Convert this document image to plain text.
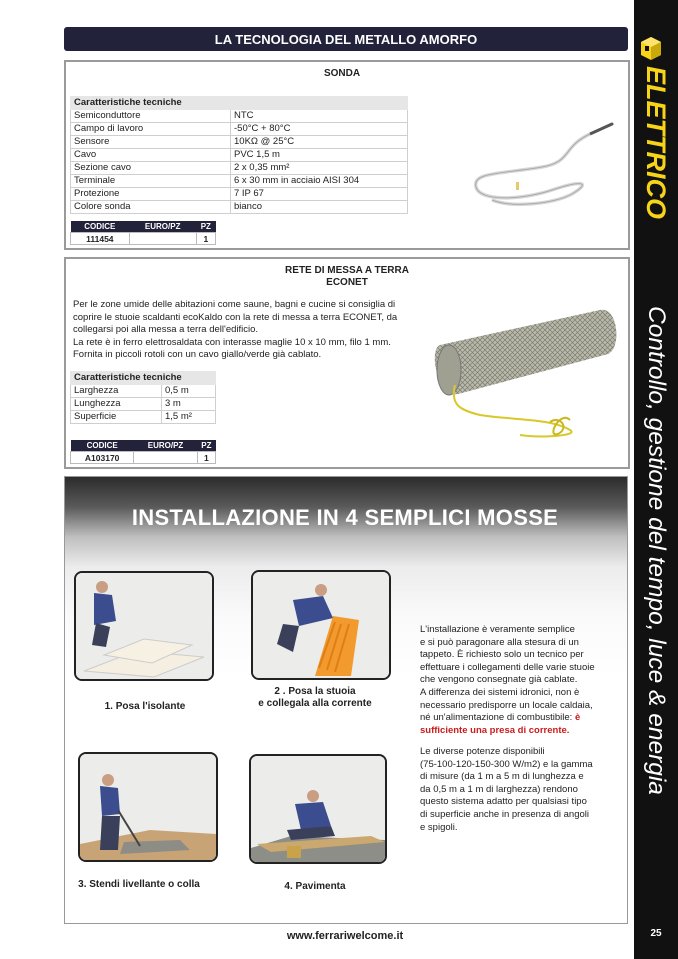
ELETTRICO
Controllo, gestione del tempo, luce & energia
25
LA TECNOLOGIA DEL METALLO AMORFO
SONDA
Caratteristiche tecniche	
Semiconduttore	NTC
Campo di lavoro	-50°C + 80°C
Sensore	10KΩ @ 25°C
Cavo	PVC 1,5 m
Sezione cavo	2 x 0,35 mm²
Terminale	6 x 30 mm in acciaio AISI 304
Protezione	7 IP 67
Colore sonda	bianco
CODICE	EURO/PZ	PZ
111454		1
RETE DI MESSA A TERRA
ECONET
Per le zone umide delle abitazioni come saune, bagni e cucine si consiglia di
coprire le stuoie scaldanti ecoKaldo con la rete di messa a terra ECONET, da
collegarsi poi alla messa a terra dell'edificio.
La rete è in ferro elettrosaldata con interasse maglie 10 x 10 mm, filo 1 mm.
Fornita in piccoli rotoli con un cavo giallo/verde già cablato.
Caratteristiche tecniche	
Larghezza	0,5 m
Lunghezza	3 m
Superficie	1,5 m²
CODICE	EURO/PZ	PZ
A103170		1
INSTALLAZIONE IN 4 SEMPLICI MOSSE
1. Posa l'isolante
2 . Posa la stuoia
e collegala alla corrente
3. Stendi livellante o colla	4. Pavimenta
L'installazione è veramente semplice
e si può paragonare alla stesura di un
tappeto. È richiesto solo un tecnico per
effettuare i collegamenti delle varie stuoie
che vengono consegnate già cablate.
A differenza dei sistemi idronici, non è
necessario predisporre un locale caldaia,
né un'alimentazione di combustibile: è
sufficiente una presa di corrente.
Le diverse potenze disponibili
(75-100-120-150-300 W/m2) e la gamma
di misure (da 1 m a 5 m di lunghezza e
da 0,5 m a 1 m di larghezza) rendono
questo sistema adatto per qualsiasi tipo
di superficie anche in presenza di angoli
e spigoli.
www.ferrariwelcome.it
